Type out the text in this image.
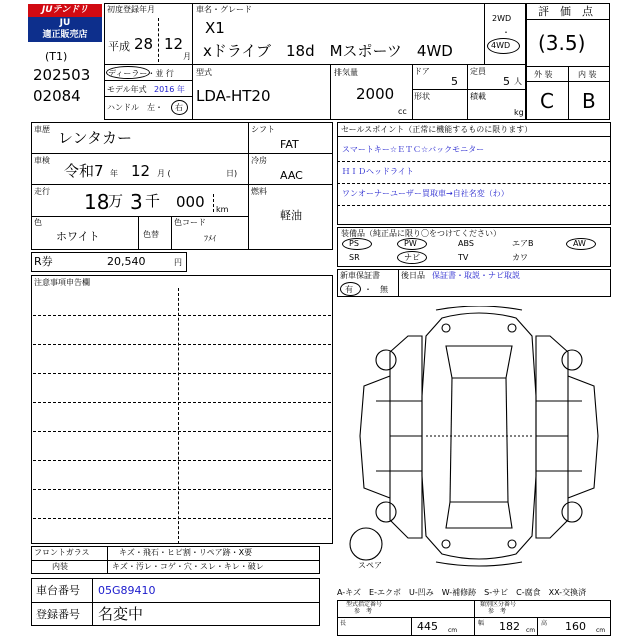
JUテンドリ
JU
適正販売店
(T1)
202503
02084
初度登録年月
平成 28 12
月
車名・グレード
X1
xドライブ　18d　Mスポーツ　4WD
2WD
・
4WD
評　価　点
(3.5)
外 装	内 装
C B
ディーラー・並 行
モデル年式 2016 年
ハンドル　左・ 右
型式
LDA-HT20
排気量
2000
cc
ドア
5
定員
5 人
形状	積載
kg
車歴 レンタカー
車検
令和7 年 12 月 (	日)
走行 18
万 3 千 000 km
色
ホワイト	色替
色コード
ﾌﾒｲ
シフト
FAT
冷房
AAC
燃料
軽油
R券	20,540	円
セールスポイント（正常に機能するものに限ります）
スマートキー☆ＥＴＣ☆バックモニター
ＨＩＤヘッドライト
ワンオーナーユーザー買取車→自社名変（わ）
装備品（純正品に限り〇をつけてください）
PS	PW	ABS	エアB	AW
SR	ナビ	TV	カワ
新車保証書
有 ・ 無
後日品 保証書・取説・ナビ取説
注意事項申告欄
フロントガラス	キズ・飛石・ヒビ割・リペア跡・X要
内装	キズ・汚レ・コゲ・穴・スレ・キレ・破レ
車台番号 05G89410
登録番号 名変中
スペア
A-キズ　E-エクボ　U-凹み　W-補修跡　S-サビ　C-腐食　XX-交換済
型式指定番号
参　考
類別区分番号
参　考
長	445 cm
幅 182 cm
高 160 cm
